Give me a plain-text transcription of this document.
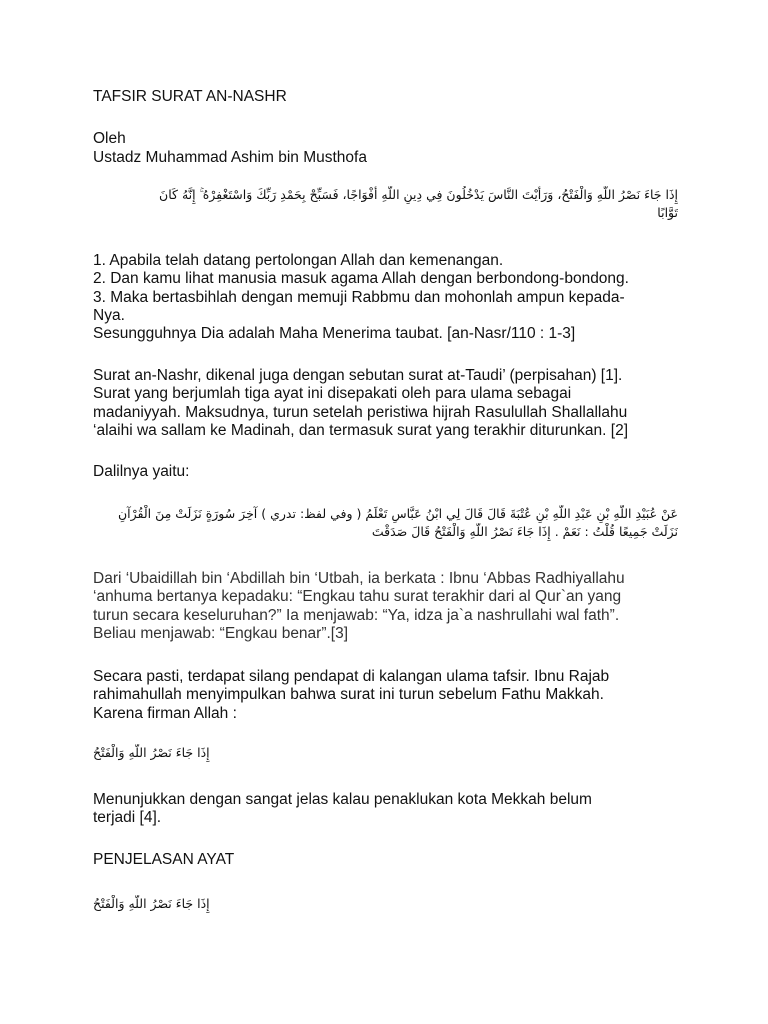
TAFSIR SURAT AN-NASHR
Oleh
Ustadz Muhammad Ashim bin Musthofa
إِذَا جَاءَ نَصْرُ اللَّهِ وَالْفَتْحُ، وَرَأَيْتَ النَّاسَ يَدْخُلُونَ فِي دِينِ اللَّهِ أَفْوَاجًا، فَسَبِّحْ بِحَمْدِ رَبِّكَ وَاسْتَغْفِرْهُ ۚ إِنَّهُ كَانَ
تَوَّابًا
1. Apabila telah datang pertolongan Allah dan kemenangan.
2. Dan kamu lihat manusia masuk agama Allah dengan berbondong-bondong.
3. Maka bertasbihlah dengan memuji Rabbmu dan mohonlah ampun kepada-
Nya.
Sesungguhnya Dia adalah Maha Menerima taubat. [an-Nasr/110 : 1-3]
Surat an-Nashr, dikenal juga dengan sebutan surat at-Taudi’ (perpisahan) [1].
Surat yang berjumlah tiga ayat ini disepakati oleh para ulama sebagai
madaniyyah. Maksudnya, turun setelah peristiwa hijrah Rasulullah Shallallahu
‘alaihi wa sallam ke Madinah, dan termasuk surat yang terakhir diturunkan. [2]
Dalilnya yaitu:
عَنْ عُبَيْدِ اللَّهِ بْنِ عَبْدِ اللَّهِ بْنِ عُتْبَةَ قَالَ قَالَ لِي ابْنُ عَبَّاسٍ تَعْلَمُ ( وفي لفظ: تدري ) آخِرَ سُورَةٍ نَزَلَتْ مِنَ الْقُرْآنِ
نَزَلَتْ جَمِيعًا قُلْتُ : نَعَمْ . إِذَا جَاءَ نَصْرُ اللَّهِ وَالْفَتْحُ قَالَ صَدَقْتَ
Dari ‘Ubaidillah bin ‘Abdillah bin ‘Utbah, ia berkata : Ibnu ‘Abbas Radhiyallahu
‘anhuma bertanya kepadaku: “Engkau tahu surat terakhir dari al Qur`an yang
turun secara keseluruhan?” Ia menjawab: “Ya, idza ja`a nashrullahi wal fath”.
Beliau menjawab: “Engkau benar”.[3]
Secara pasti, terdapat silang pendapat di kalangan ulama tafsir. Ibnu Rajab
rahimahullah menyimpulkan bahwa surat ini turun sebelum Fathu Makkah.
Karena firman Allah :
إِذَا جَاءَ نَصْرُ اللَّهِ وَالْفَتْحُ
Menunjukkan dengan sangat jelas kalau penaklukan kota Mekkah belum
terjadi [4].
PENJELASAN AYAT
إِذَا جَاءَ نَصْرُ اللَّهِ وَالْفَتْحُ
